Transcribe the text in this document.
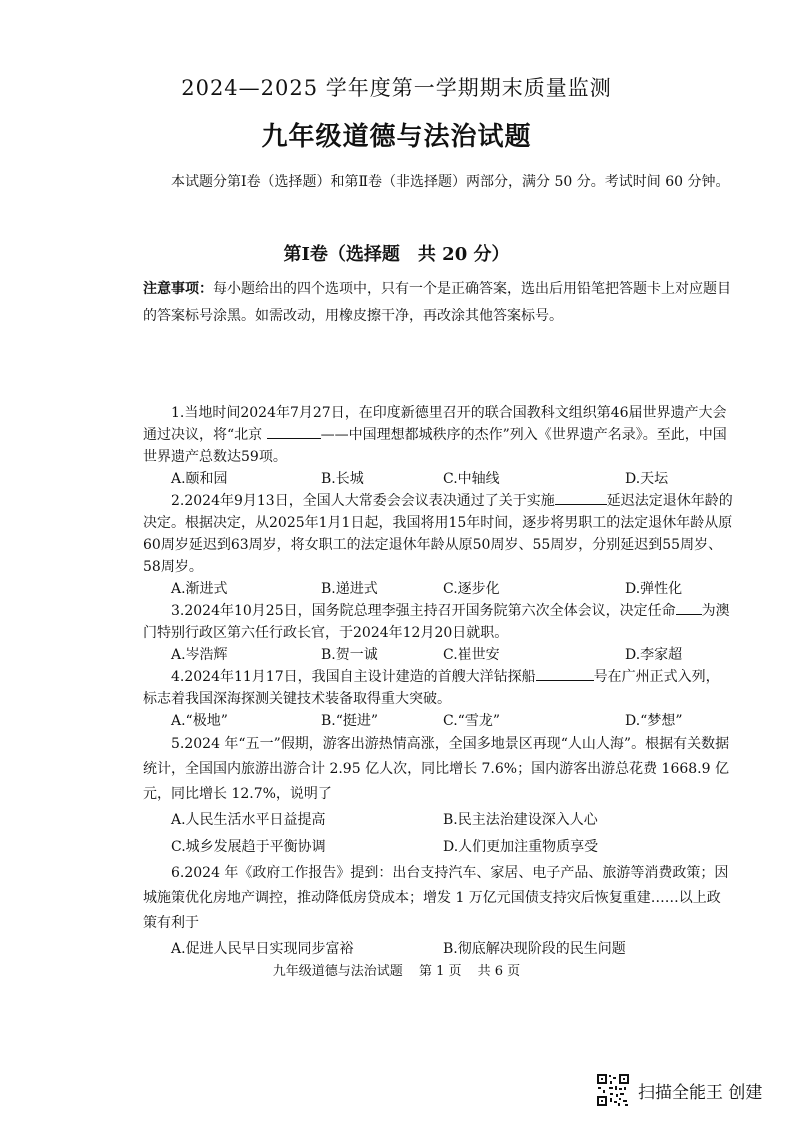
2024—2025 学年度第一学期期末质量监测
九年级道德与法治试题
本试题分第Ⅰ卷（选择题）和第Ⅱ卷（非选择题）两部分，满分 50 分。考试时间 60 分钟。
第Ⅰ卷（选择题　共 20 分）
注意事项：每小题给出的四个选项中，只有一个是正确答案，选出后用铅笔把答题卡上对应题目的答案标号涂黑。如需改动，用橡皮擦干净，再改涂其他答案标号。

1.当地时间2024年7月27日，在印度新德里召开的联合国教科文组织第46届世界遗产大会通过决议，将“北京	——中国理想都城秩序的杰作”列入《世界遗产名录》。至此，中国世界遗产总数达59项。

A.颐和园	B.长城	C.中轴线	D.天坛

2.2024年9月13日，全国人大常委会会议表决通过了关于实施	延迟法定退休年龄的决定。根据决定，从2025年1月1日起，我国将用15年时间，逐步将男职工的法定退休年龄从原60周岁延迟到63周岁，将女职工的法定退休年龄从原50周岁、55周岁，分别延迟到55周岁、58周岁。

A.渐进式	B.递进式	C.逐步化	D.弹性化

3.2024年10月25日，国务院总理李强主持召开国务院第六次全体会议，决定任命 为澳门特别行政区第六任行政长官，于2024年12月20日就职。

A.岑浩辉	B.贺一诚	C.崔世安	D.李家超

4.2024年11月17日，我国自主设计建造的首艘大洋钻探船	号在广州正式入列，标志着我国深海探测关键技术装备取得重大突破。

A.“极地”	B.“挺进”	C.“雪龙”	D.“梦想”

5.2024 年“五一”假期，游客出游热情高涨，全国多地景区再现“人山人海”。根据有关数据统计，全国国内旅游出游合计 2.95 亿人次，同比增长 7.6%；国内游客出游总花费 1668.9 亿元，同比增长 12.7%，说明了

A.人民生活水平日益提高	B.民主法治建设深入人心
C.城乡发展趋于平衡协调	D.人们更加注重物质享受

6.2024 年《政府工作报告》提到：出台支持汽车、家居、电子产品、旅游等消费政策；因城施策优化房地产调控，推动降低房贷成本；增发 1 万亿元国债支持灾后恢复重建……以上政策有利于

A.促进人民早日实现同步富裕	B.彻底解决现阶段的民生问题
九年级道德与法治试题 第 1 页 共 6 页
扫描全能王 创建
